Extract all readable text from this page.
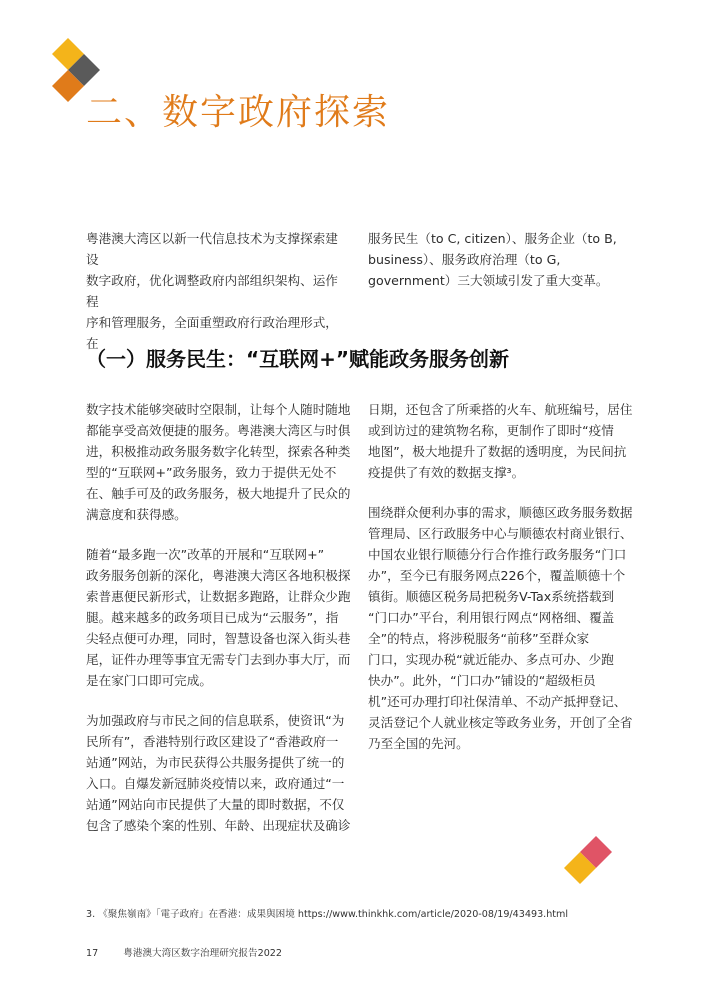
二、数字政府探索

粤港澳大湾区以新一代信息技术为支撑探索建设
数字政府，优化调整政府内部组织架构、运作程
序和管理服务，全面重塑政府行政治理形式，在

服务民生（to C, citizen）、服务企业（to B,
business）、服务政府治理（to G,
government）三大领域引发了重大变革。

（一）服务民生：“互联网+”赋能政务服务创新

数字技术能够突破时空限制，让每个人随时随地
都能享受高效便捷的服务。粤港澳大湾区与时俱
进，积极推动政务服务数字化转型，探索各种类
型的“互联网+”政务服务，致力于提供无处不
在、触手可及的政务服务，极大地提升了民众的
满意度和获得感。

随着“最多跑一次”改革的开展和“互联网+”
政务服务创新的深化，粤港澳大湾区各地积极探
索普惠便民新形式，让数据多跑路，让群众少跑
腿。越来越多的政务项目已成为“云服务”，指
尖轻点便可办理，同时，智慧设备也深入街头巷
尾，证件办理等事宜无需专门去到办事大厅，而
是在家门口即可完成。

为加强政府与市民之间的信息联系，使资讯“为
民所有”，香港特别行政区建设了“香港政府一
站通”网站，为市民获得公共服务提供了统一的
入口。自爆发新冠肺炎疫情以来，政府通过“一
站通”网站向市民提供了大量的即时数据，不仅
包含了感染个案的性别、年龄、出现症状及确诊

日期，还包含了所乘搭的火车、航班编号，居住
或到访过的建筑物名称，更制作了即时“疫情
地图”，极大地提升了数据的透明度，为民间抗
疫提供了有效的数据支撑³。

围绕群众便利办事的需求，顺德区政务服务数据
管理局、区行政服务中心与顺德农村商业银行、
中国农业银行顺德分行合作推行政务服务“门口
办”，至今已有服务网点226个，覆盖顺德十个
镇街。顺德区税务局把税务V-Tax系统搭载到
“门口办”平台，利用银行网点“网格细、覆盖
全”的特点，将涉税服务“前移”至群众家
门口，实现办税“就近能办、多点可办、少跑
快办”。此外，“门口办”铺设的“超级柜员
机”还可办理打印社保清单、不动产抵押登记、
灵活登记个人就业核定等政务业务，开创了全省
乃至全国的先河。

3. 《聚焦嶺南》「電子政府」在香港：成果與困境 https://www.thinkhk.com/article/2020-08/19/43493.html
17	粤港澳大湾区数字治理研究报告2022
